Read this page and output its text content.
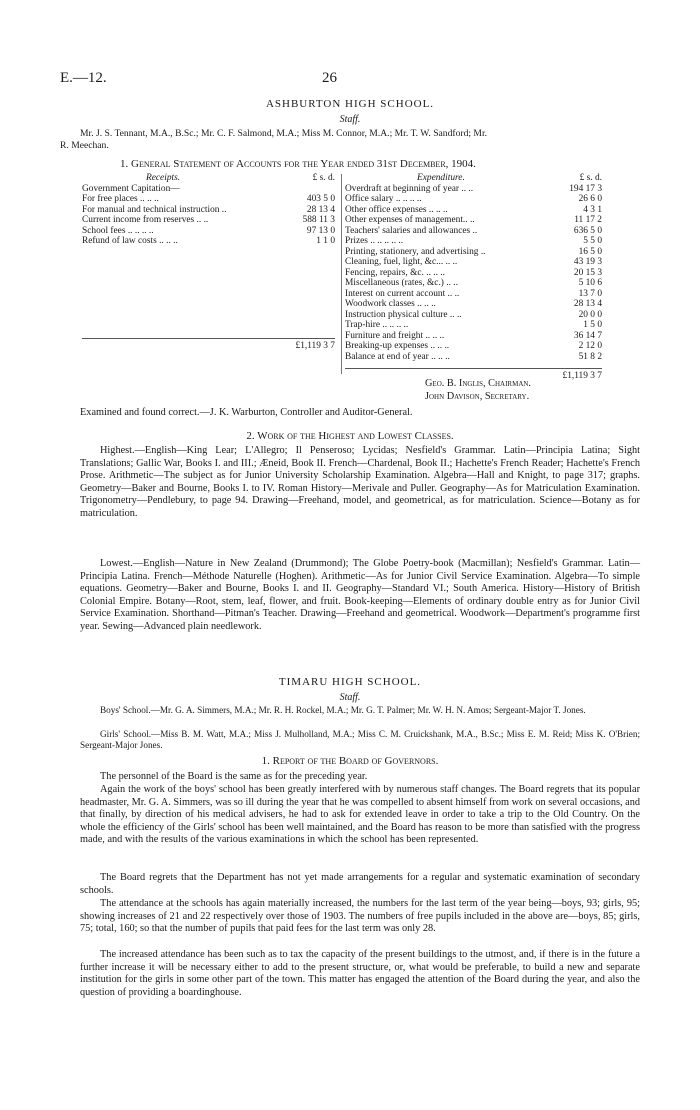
E.—12.	26
ASHBURTON HIGH SCHOOL.
Staff.
Mr. J. S. Tennant, M.A., B.Sc.; Mr. C. F. Salmond, M.A.; Miss M. Connor, M.A.; Mr. T. W. Sandford; Mr.
R. Meechan.
1. General Statement of Accounts for the Year ended 31st December, 1904.
Receipts.	£ s. d.
Government Capitation—
For free places .. .. ..	403 5 0
For manual and technical instruction ..	28 13 4
Current income from reserves .. ..	588 11 3
School fees .. .. .. ..	97 13 0
Refund of law costs .. .. ..	1 1 0
£1,119 3 7
Expenditure.	£ s. d.
Overdraft at beginning of year .. ..	194 17 3
Office salary .. .. .. ..	26 6 0
Other office expenses .. .. ..	4 3 1
Other expenses of management.. ..	11 17 2
Teachers' salaries and allowances ..	636 5 0
Prizes .. .. .. .. ..	5 5 0
Printing, stationery, and advertising ..	16 5 0
Cleaning, fuel, light, &c... .. ..	43 19 3
Fencing, repairs, &c. .. .. ..	20 15 3
Miscellaneous (rates, &c.) .. ..	5 10 6
Interest on current account .. ..	13 7 0
Woodwork classes .. .. ..	28 13 4
Instruction physical culture .. ..	20 0 0
Trap-hire .. .. .. ..	1 5 0
Furniture and freight .. .. ..	36 14 7
Breaking-up expenses .. .. ..	2 12 0
Balance at end of year .. .. ..	51 8 2
£1,119 3 7
Geo. B. Inglis, Chairman.
John Davison, Secretary.
Examined and found correct.—J. K. Warburton, Controller and Auditor-General.
2. Work of the Highest and Lowest Classes.
Highest.—English—King Lear; L'Allegro; Il Penseroso; Lycidas; Nesfield's Grammar. Latin—Principia Latina; Sight Translations; Gallic War, Books I. and III.; Æneid, Book II. French—Chardenal, Book II.; Hachette's French Reader; Hachette's French Prose. Arithmetic—The subject as for Junior University Scholarship Examination. Algebra—Hall and Knight, to page 317; graphs. Geometry—Baker and Bourne, Books I. to IV. Roman History—Merivale and Puller. Geography—As for Matriculation Examination. Trigonometry—Pendlebury, to page 94. Drawing—Freehand, model, and geometrical, as for matriculation. Science—Botany as for matriculation.
Lowest.—English—Nature in New Zealand (Drummond); The Globe Poetry-book (Macmillan); Nesfield's Grammar. Latin—Principia Latina. French—Méthode Naturelle (Hoghen). Arithmetic—As for Junior Civil Service Examination. Algebra—To simple equations. Geometry—Baker and Bourne, Books I. and II. Geography—Standard VI.; South America. History—History of British Colonial Empire. Botany—Root, stem, leaf, flower, and fruit. Book-keeping—Elements of ordinary double entry as for Junior Civil Service Examination. Shorthand—Pitman's Teacher. Drawing—Freehand and geometrical. Woodwork—Department's programme first year. Sewing—Advanced plain needlework.
TIMARU HIGH SCHOOL.
Staff.
Boys' School.—Mr. G. A. Simmers, M.A.; Mr. R. H. Rockel, M.A.; Mr. G. T. Palmer; Mr. W. H. N. Amos; Sergeant-Major T. Jones.
Girls' School.—Miss B. M. Watt, M.A.; Miss J. Mulholland, M.A.; Miss C. M. Cruickshank, M.A., B.Sc.; Miss E. M. Reid; Miss K. O'Brien; Sergeant-Major Jones.
1. Report of the Board of Governors.
The personnel of the Board is the same as for the preceding year.
Again the work of the boys' school has been greatly interfered with by numerous staff changes. The Board regrets that its popular headmaster, Mr. G. A. Simmers, was so ill during the year that he was compelled to absent himself from work on several occasions, and that finally, by direction of his medical advisers, he had to ask for extended leave in order to take a trip to the Old Country. On the whole the efficiency of the Girls' school has been well maintained, and the Board has reason to be more than satisfied with the progress made, and with the results of the various examinations in which the school has been represented.
The Board regrets that the Department has not yet made arrangements for a regular and systematic examination of secondary schools.
The attendance at the schools has again materially increased, the numbers for the last term of the year being—boys, 93; girls, 95; showing increases of 21 and 22 respectively over those of 1903. The numbers of free pupils included in the above are—boys, 85; girls, 75; total, 160; so that the number of pupils that paid fees for the last term was only 28.
The increased attendance has been such as to tax the capacity of the present buildings to the utmost, and, if there is in the future a further increase it will be necessary either to add to the present structure, or, what would be preferable, to build a new and separate institution for the girls in some other part of the town. This matter has engaged the attention of the Board during the year, and also the question of providing a boardinghouse.
